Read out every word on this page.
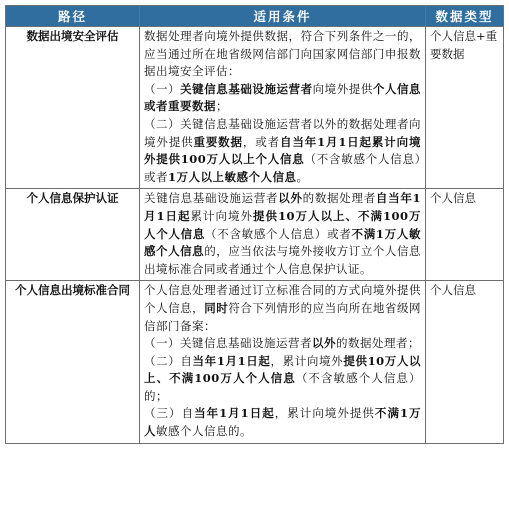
路径	适用条件	数据类型
数据出境安全评估	数据处理者向境外提供数据，符合下列条件之一的，应当通过所在地省级网信部门向国家网信部门申报数据出境安全评估：
（一）关键信息基础设施运营者向境外提供个人信息或者重要数据；
（二）关键信息基础设施运营者以外的数据处理者向境外提供重要数据，或者自当年1月1日起累计向境外提供100万人以上个人信息（不含敏感个人信息）或者1万人以上敏感个人信息。	个人信息+重要数据
个人信息保护认证	关键信息基础设施运营者以外的数据处理者自当年1月1日起累计向境外提供10万人以上、不满100万人个人信息（不含敏感个人信息）或者不满1万人敏感个人信息的，应当依法与境外接收方订立个人信息出境标准合同或者通过个人信息保护认证。	个人信息
个人信息出境标准合同	个人信息处理者通过订立标准合同的方式向境外提供个人信息，同时符合下列情形的应当向所在地省级网信部门备案：
（一）关键信息基础设施运营者以外的数据处理者；
（二）自当年1月1日起，累计向境外提供10万人以上、不满100万人个人信息（不含敏感个人信息）的；
（三）自当年1月1日起，累计向境外提供不满1万人敏感个人信息的。	个人信息
